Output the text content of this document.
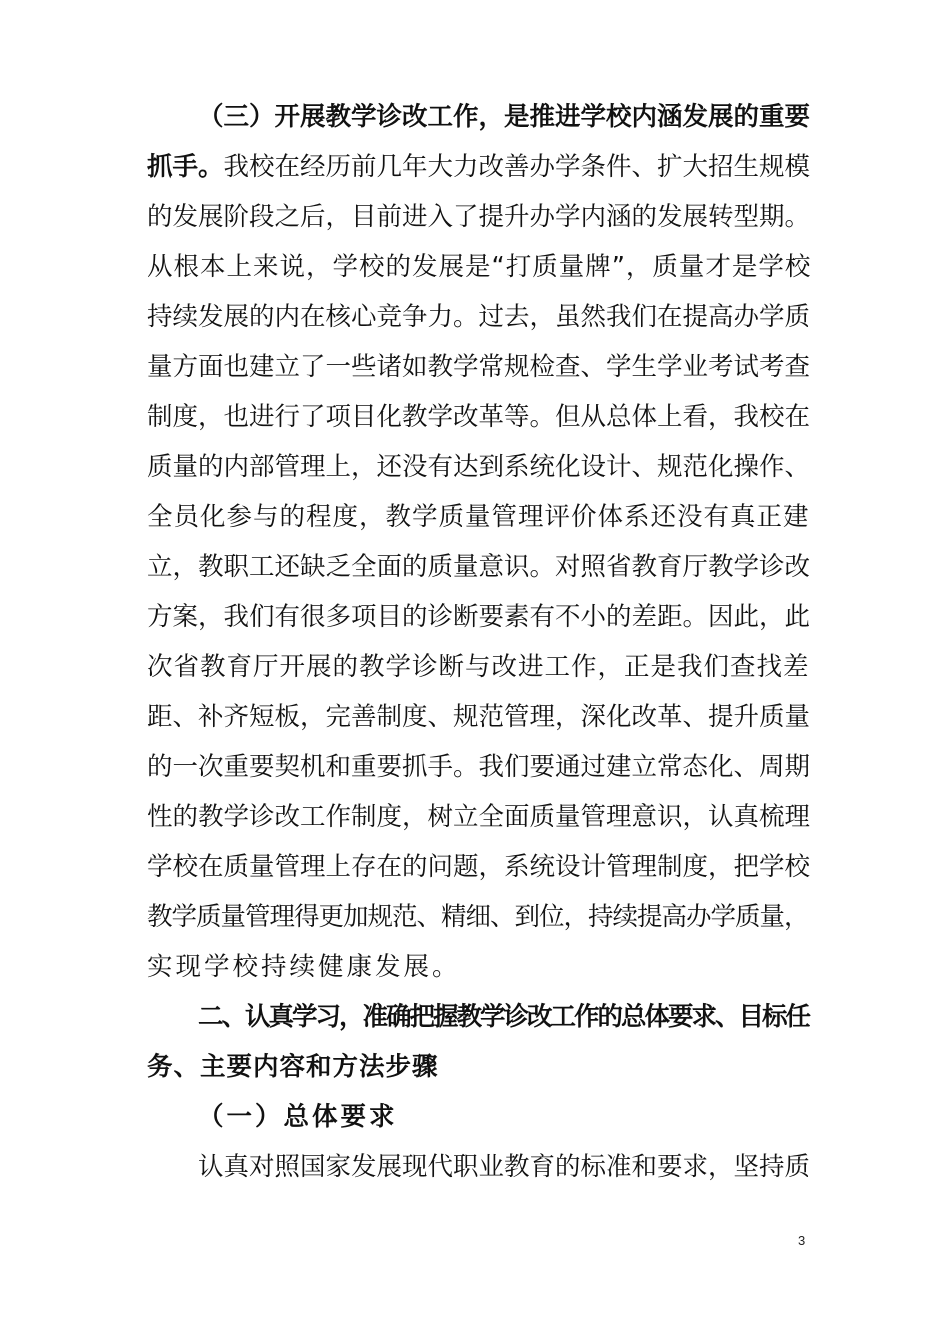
（三）开展教学诊改工作，是推进学校内涵发展的重要
抓手。我校在经历前几年大力改善办学条件、扩大招生规模
的发展阶段之后，目前进入了提升办学内涵的发展转型期。
从根本上来说，学校的发展是“打质量牌”，质量才是学校
持续发展的内在核心竞争力。过去，虽然我们在提高办学质
量方面也建立了一些诸如教学常规检查、学生学业考试考查
制度，也进行了项目化教学改革等。但从总体上看，我校在
质量的内部管理上，还没有达到系统化设计、规范化操作、
全员化参与的程度，教学质量管理评价体系还没有真正建
立，教职工还缺乏全面的质量意识。对照省教育厅教学诊改
方案，我们有很多项目的诊断要素有不小的差距。因此，此
次省教育厅开展的教学诊断与改进工作，正是我们查找差
距、补齐短板，完善制度、规范管理，深化改革、提升质量
的一次重要契机和重要抓手。我们要通过建立常态化、周期
性的教学诊改工作制度，树立全面质量管理意识，认真梳理
学校在质量管理上存在的问题，系统设计管理制度，把学校
教学质量管理得更加规范、精细、到位，持续提高办学质量，
实现学校持续健康发展。
二、认真学习，准确把握教学诊改工作的总体要求、目标任
务、主要内容和方法步骤
（一）总体要求
认真对照国家发展现代职业教育的标准和要求，坚持质
3
